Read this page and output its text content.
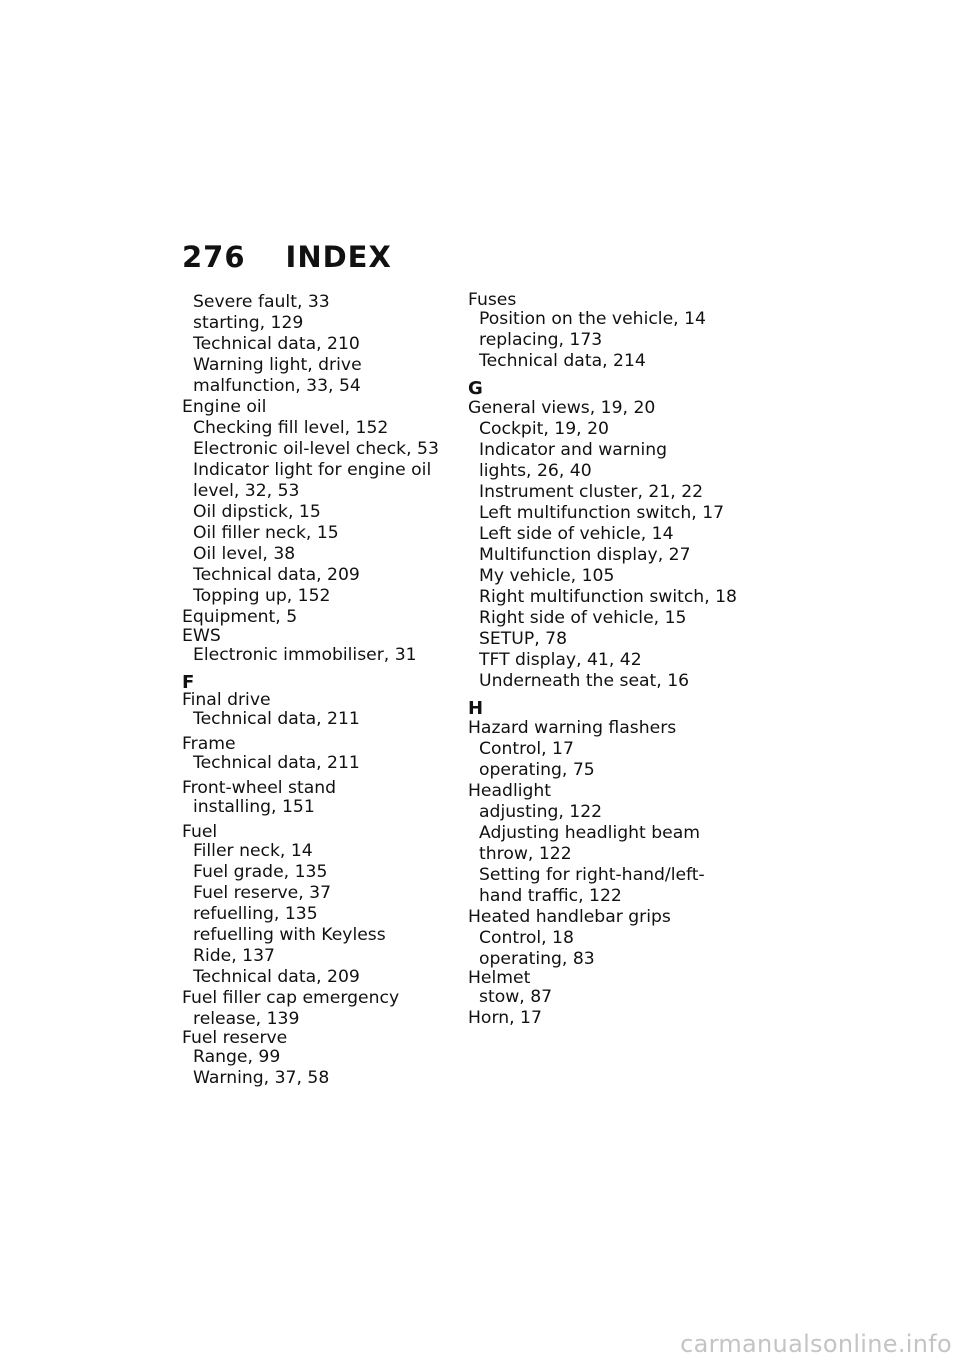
276 INDEX
Severe fault, 33
starting, 129
Technical data, 210
Warning light, drive
malfunction, 33, 54
Engine oil
Checking fill level, 152
Electronic oil-level check, 53
Indicator light for engine oil
level, 32, 53
Oil dipstick, 15
Oil filler neck, 15
Oil level, 38
Technical data, 209
Topping up, 152
Equipment, 5
EWS
Electronic immobiliser, 31
F
Final drive
Technical data, 211
Frame
Technical data, 211
Front-wheel stand
installing, 151
Fuel
Filler neck, 14
Fuel grade, 135
Fuel reserve, 37
refuelling, 135
refuelling with Keyless
Ride, 137
Technical data, 209
Fuel filler cap emergency
release, 139
Fuel reserve
Range, 99
Warning, 37, 58
Fuses
Position on the vehicle, 14
replacing, 173
Technical data, 214
G
General views, 19, 20
Cockpit, 19, 20
Indicator and warning
lights, 26, 40
Instrument cluster, 21, 22
Left multifunction switch, 17
Left side of vehicle, 14
Multifunction display, 27
My vehicle, 105
Right multifunction switch, 18
Right side of vehicle, 15
SETUP, 78
TFT display, 41, 42
Underneath the seat, 16
H
Hazard warning flashers
Control, 17
operating, 75
Headlight
adjusting, 122
Adjusting headlight beam
throw, 122
Setting for right-hand/left-
hand traffic, 122
Heated handlebar grips
Control, 18
operating, 83
Helmet
stow, 87
Horn, 17
carmanualsonline.info
